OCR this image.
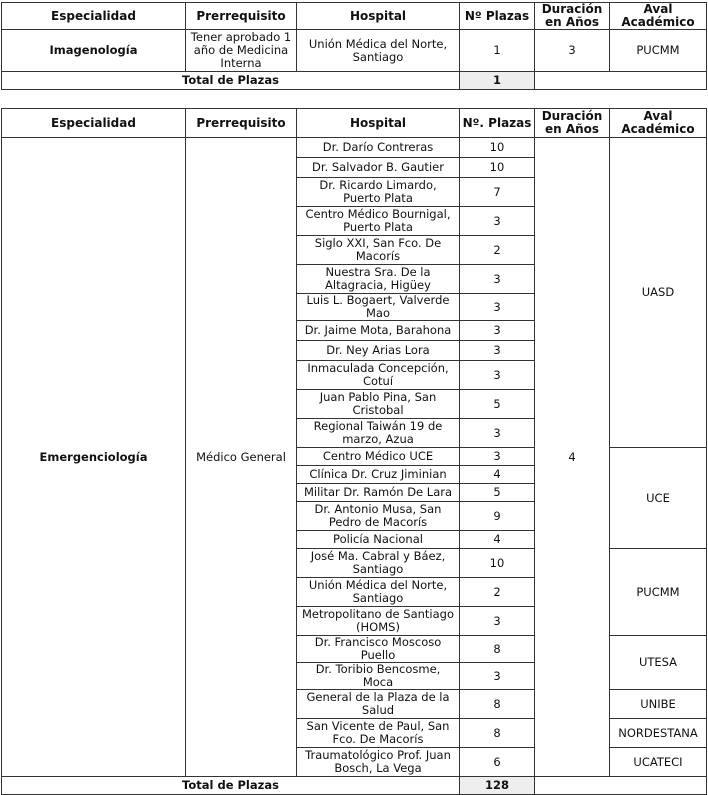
Especialidad	Prerrequisito	Hospital	Nº Plazas	Duración en Años	Aval Académico
Imagenología	Tener aprobado 1 año de Medicina Interna	Unión Médica del Norte, Santiago	1	3	PUCMM
Total de Plazas			1		
Especialidad	Prerrequisito	Hospital	Nº. Plazas	Duración en Años	Aval Académico
Emergenciología	Médico General	Dr. Darío Contreras	10	4	UASD
		Dr. Salvador B. Gautier	10		
		Dr. Ricardo Limardo, Puerto Plata	7		
		Centro Médico Bournigal, Puerto Plata	3		
		Siglo XXI, San Fco. De Macorís	2		
		Nuestra Sra. De la Altagracia, Higüey	3		
		Luis L. Bogaert, Valverde Mao	3		
		Dr. Jaime Mota, Barahona	3		
		Dr. Ney Arias Lora	3		
		Inmaculada Concepción, Cotuí	3		
		Juan Pablo Pina, San Cristobal	5		
		Regional Taiwán 19 de marzo, Azua	3		
		Centro Médico UCE	3		UCE
		Clínica Dr. Cruz Jiminian	4		
		Militar Dr. Ramón De Lara	5		
		Dr. Antonio Musa, San Pedro de Macorís	9		
		Policía Nacional	4		
		José Ma. Cabral y Báez, Santiago	10		PUCMM
		Unión Médica del Norte, Santiago	2		
		Metropolitano de Santiago (HOMS)	3		
		Dr. Francisco Moscoso Puello	8		UTESA
		Dr. Toribio Bencosme, Moca	3		
		General de la Plaza de la Salud	8		UNIBE
		San Vicente de Paul, San Fco. De Macorís	8		NORDESTANA
		Traumatológico Prof. Juan Bosch, La Vega	6		UCATECI
Total de Plazas			128		
